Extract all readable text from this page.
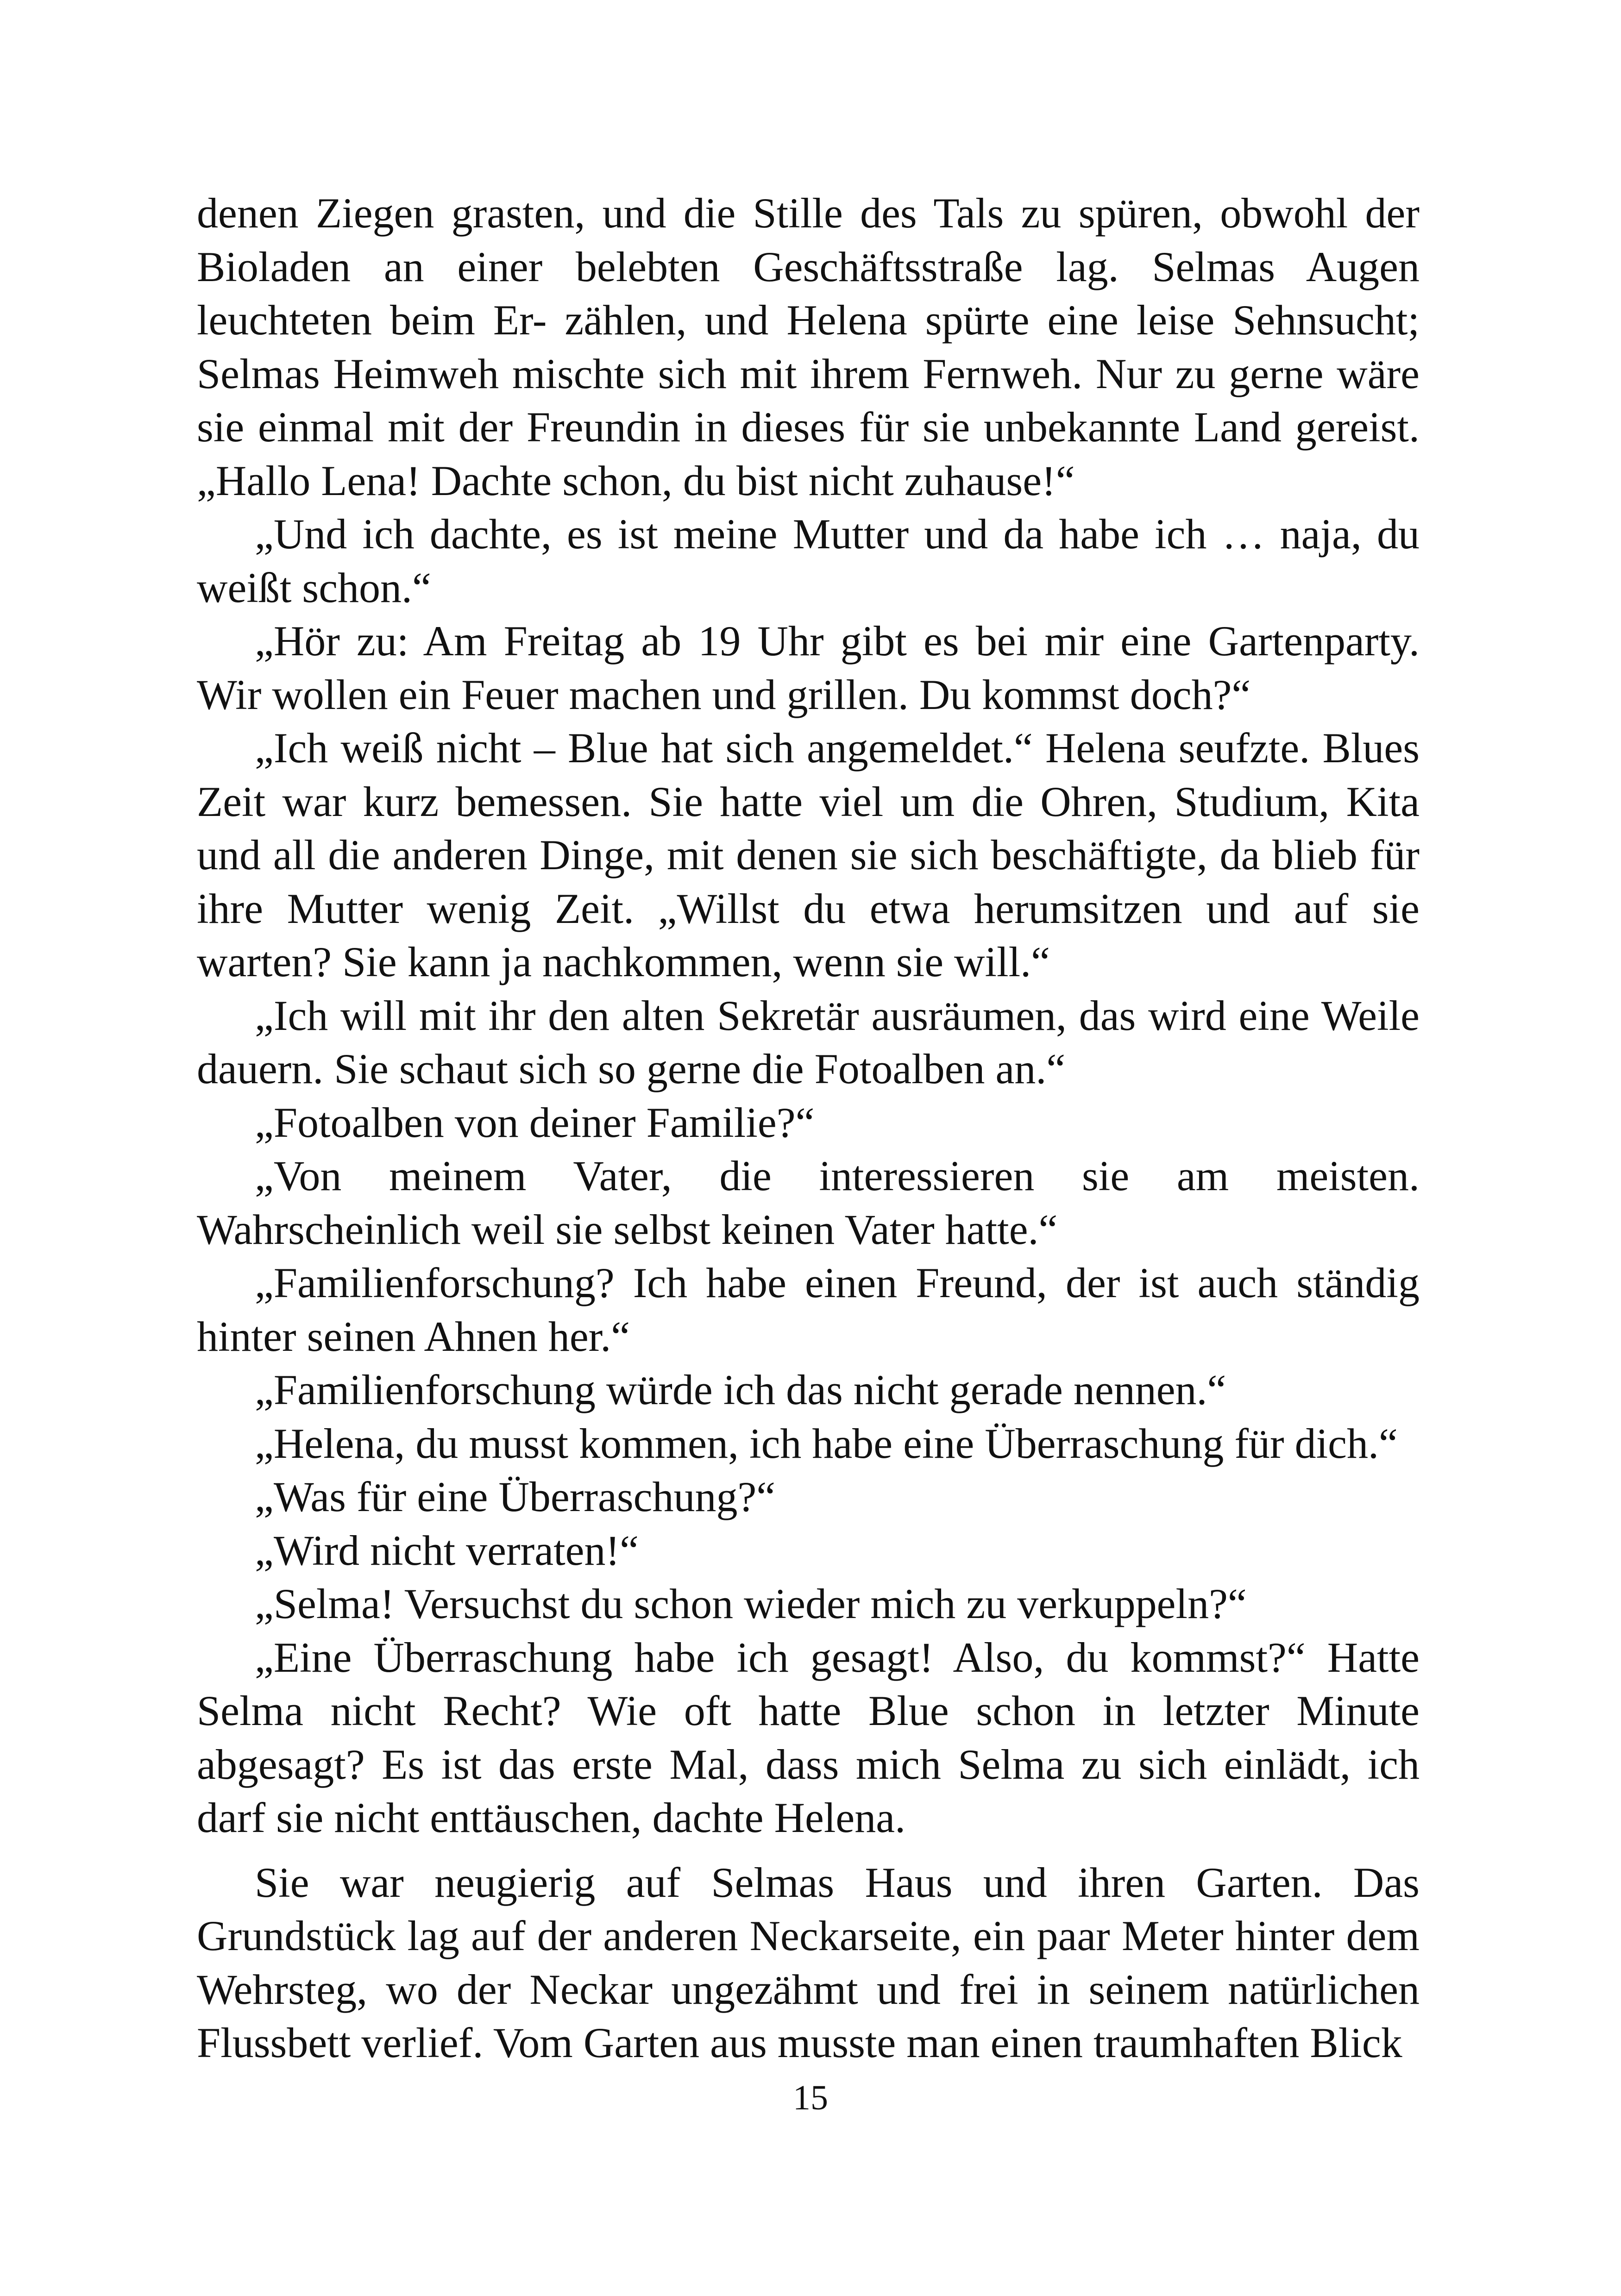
denen Ziegen grasten, und die Stille des Tals zu spüren, obwohl der Bioladen an einer belebten Geschäftsstraße lag. Selmas Augen leuchteten beim Er- zählen, und Helena spürte eine leise Sehnsucht; Selmas Heimweh mischte sich mit ihrem Fernweh. Nur zu gerne wäre sie einmal mit der Freundin in dieses für sie unbekannte Land gereist. „Hallo Lena! Dachte schon, du bist nicht zuhause!“

„Und ich dachte, es ist meine Mutter und da habe ich … naja, du weißt schon.“

„Hör zu: Am Freitag ab 19 Uhr gibt es bei mir eine Gartenparty. Wir wollen ein Feuer machen und grillen. Du kommst doch?“

„Ich weiß nicht – Blue hat sich angemeldet.“ Helena seufzte. Blues Zeit war kurz bemessen. Sie hatte viel um die Ohren, Studium, Kita und all die anderen Dinge, mit denen sie sich beschäftigte, da blieb für ihre Mutter wenig Zeit. „Willst du etwa herumsitzen und auf sie warten? Sie kann ja nachkommen, wenn sie will.“

„Ich will mit ihr den alten Sekretär ausräumen, das wird eine Weile dauern. Sie schaut sich so gerne die Fotoalben an.“

„Fotoalben von deiner Familie?“

„Von meinem Vater, die interessieren sie am meisten. Wahrscheinlich weil sie selbst keinen Vater hatte.“

„Familienforschung? Ich habe einen Freund, der ist auch ständig hinter seinen Ahnen her.“

„Familienforschung würde ich das nicht gerade nennen.“

„Helena, du musst kommen, ich habe eine Überraschung für dich.“

„Was für eine Überraschung?“

„Wird nicht verraten!“

„Selma! Versuchst du schon wieder mich zu verkuppeln?“

„Eine Überraschung habe ich gesagt! Also, du kommst?“ Hatte Selma nicht Recht? Wie oft hatte Blue schon in letzter Minute abgesagt? Es ist das erste Mal, dass mich Selma zu sich einlädt, ich darf sie nicht enttäuschen, dachte Helena.

Sie war neugierig auf Selmas Haus und ihren Garten. Das Grundstück lag auf der anderen Neckarseite, ein paar Meter hinter dem Wehrsteg, wo der Neckar ungezähmt und frei in seinem natürlichen Flussbett verlief. Vom Garten aus musste man einen traumhaften Blick

15
